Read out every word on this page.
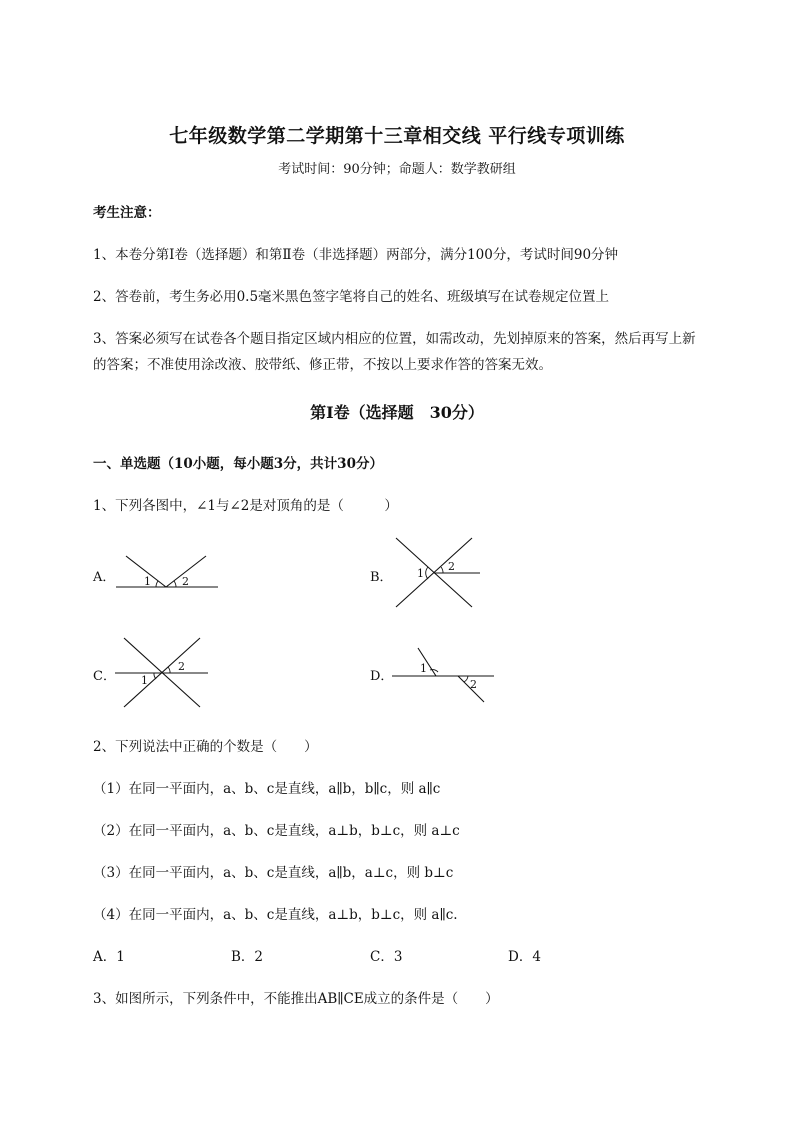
七年级数学第二学期第十三章相交线 平行线专项训练
考试时间：90分钟；命题人：数学教研组
考生注意：
1、本卷分第I卷（选择题）和第Ⅱ卷（非选择题）两部分，满分100分，考试时间90分钟
2、答卷前，考生务必用0.5毫米黑色签字笔将自己的姓名、班级填写在试卷规定位置上
3、答案必须写在试卷各个题目指定区域内相应的位置，如需改动，先划掉原来的答案，然后再写上新
的答案；不准使用涂改液、胶带纸、修正带，不按以上要求作答的答案无效。
第I卷（选择题　30分）
一、单选题（10小题，每小题3分，共计30分）
1、下列各图中，∠1与∠2是对顶角的是（　　　）
A．	1	2	B． 1
2
C． 1
2
D．
1
2
2、下列说法中正确的个数是（　　）
（1）在同一平面内，a、b、c是直线，a∥b，b∥c，则 a∥c
（2）在同一平面内，a、b、c是直线，a⊥b，b⊥c，则 a⊥c
（3）在同一平面内，a、b、c是直线，a∥b，a⊥c，则 b⊥c
（4）在同一平面内，a、b、c是直线，a⊥b，b⊥c，则 a∥c.
A．1	B．2	C．3	D．4
3、如图所示，下列条件中，不能推出AB∥CE成立的条件是（　　）
